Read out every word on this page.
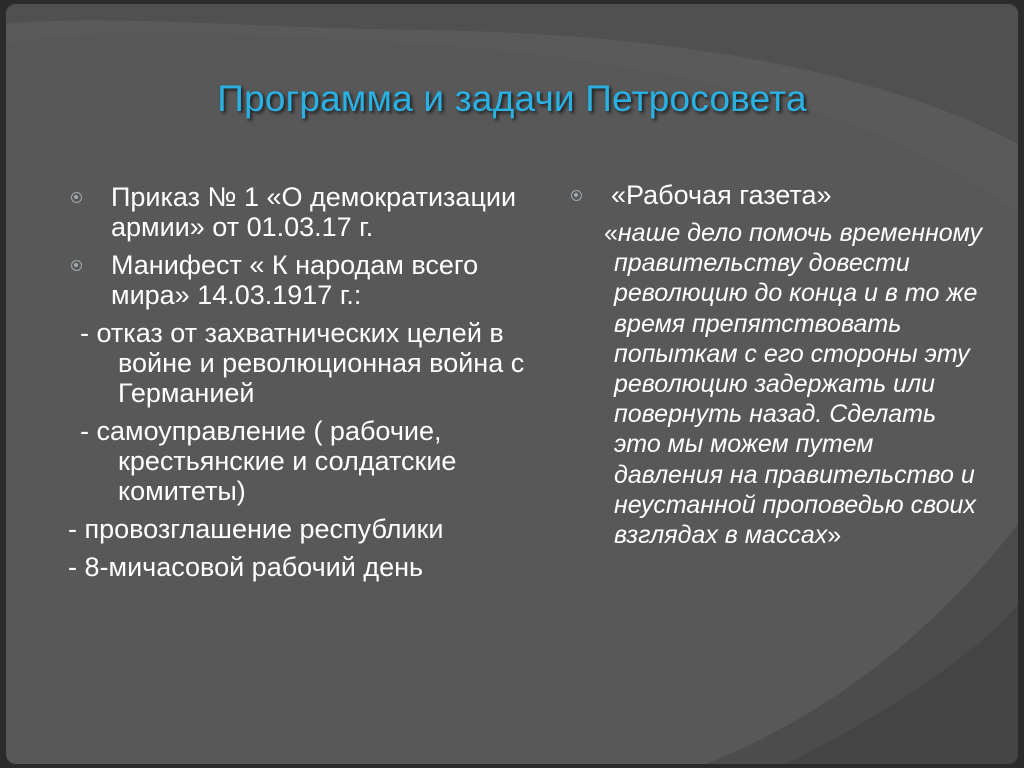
Программа и задачи Петросовета
Приказ № 1 «О демократизации армии» от 01.03.17 г.
Манифест « К народам всего мира» 14.03.1917 г.:
- отказ от захватнических целей в войне и революционная война с Германией
- самоуправление ( рабочие, крестьянские и солдатские комитеты)
- провозглашение республики
- 8-мичасовой рабочий день
«Рабочая газета»
«наше дело помочь временному правительству довести революцию до конца и в то же время препятствовать попыткам с его стороны эту революцию задержать или повернуть назад. Сделать это мы можем путем давления на правительство и неустанной проповедью своих взглядах в массах»
